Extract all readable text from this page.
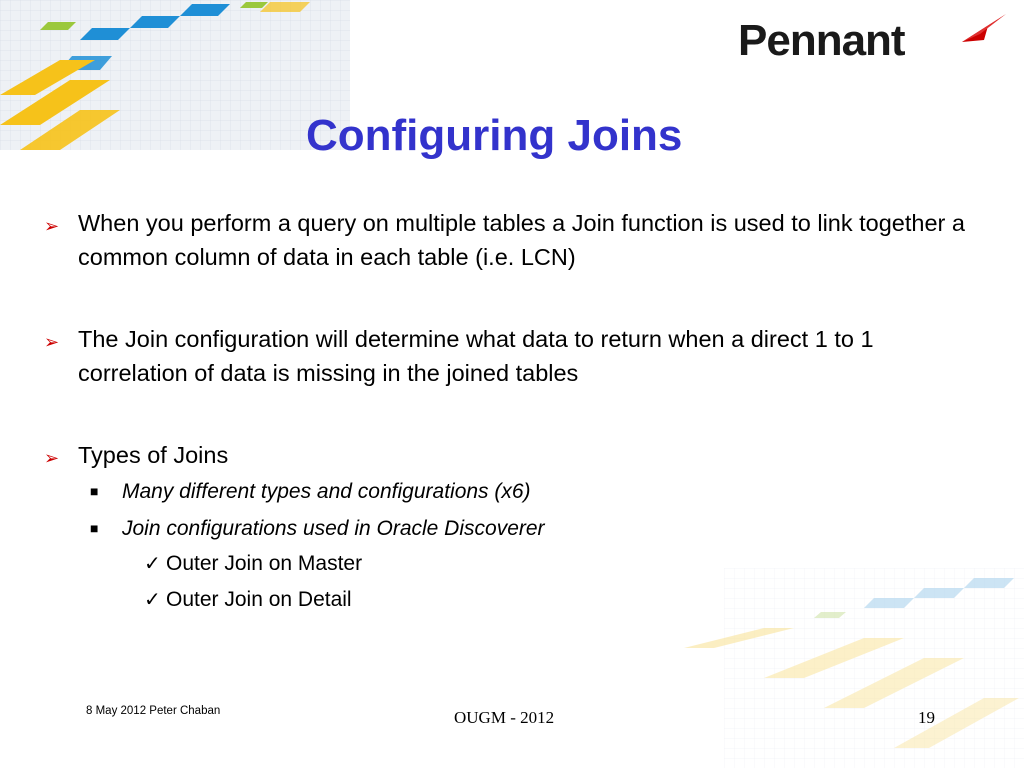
Pennant
Configuring Joins
➢ When you perform a query on multiple tables a Join function is used to link together a common column of data in each table (i.e. LCN)
➢ The Join configuration will determine what data to return when a direct 1 to 1 correlation of data is missing in the joined tables
➢ Types of Joins
■ Many different types and configurations (x6)
■ Join configurations used in Oracle Discoverer
✓ Outer Join on Master
✓ Outer Join on Detail
8 May 2012 Peter Chaban	OUGM - 2012	19
